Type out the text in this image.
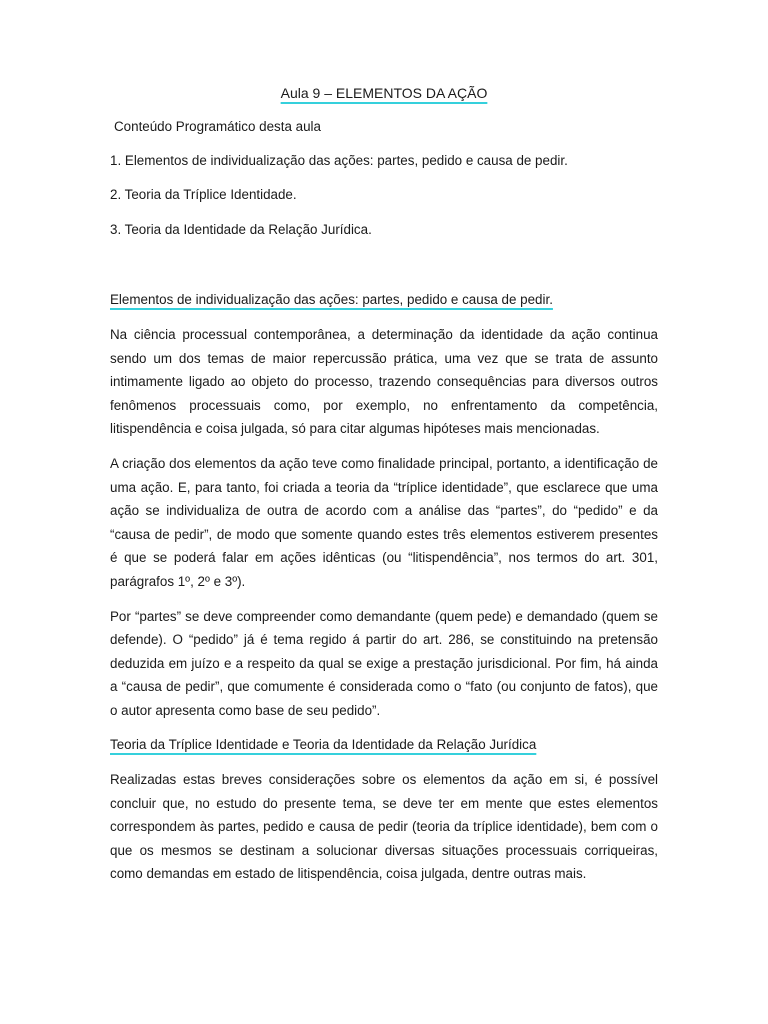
Aula 9 – ELEMENTOS DA AÇÃO
Conteúdo Programático desta aula
1. Elementos de individualização das ações: partes, pedido e causa de pedir.
2. Teoria da Tríplice Identidade.
3. Teoria da Identidade da Relação Jurídica.
Elementos de individualização das ações: partes, pedido e causa de pedir.

Na ciência processual contemporânea, a determinação da identidade da ação continua sendo um dos temas de maior repercussão prática, uma vez que se trata de assunto intimamente ligado ao objeto do processo, trazendo consequências para diversos outros fenômenos processuais como, por exemplo, no enfrentamento da competência, litispendência e coisa julgada, só para citar algumas hipóteses mais mencionadas.

A criação dos elementos da ação teve como finalidade principal, portanto, a identificação de uma ação. E, para tanto, foi criada a teoria da “tríplice identidade”, que esclarece que uma ação se individualiza de outra de acordo com a análise das “partes”, do “pedido” e da “causa de pedir”, de modo que somente quando estes três elementos estiverem presentes é que se poderá falar em ações idênticas (ou “litispendência”, nos termos do art. 301, parágrafos 1º, 2º e 3º).

Por “partes” se deve compreender como demandante (quem pede) e demandado (quem se defende). O “pedido” já é tema regido á partir do art. 286, se constituindo na pretensão deduzida em juízo e a respeito da qual se exige a prestação jurisdicional. Por fim, há ainda a “causa de pedir”, que comumente é considerada como o “fato (ou conjunto de fatos), que o autor apresenta como base de seu pedido”.

Teoria da Tríplice Identidade e Teoria da Identidade da Relação Jurídica

Realizadas estas breves considerações sobre os elementos da ação em si, é possível concluir que, no estudo do presente tema, se deve ter em mente que estes elementos correspondem às partes, pedido e causa de pedir (teoria da tríplice identidade), bem com o que os mesmos se destinam a solucionar diversas situações processuais corriqueiras, como demandas em estado de litispendência, coisa julgada, dentre outras mais.
